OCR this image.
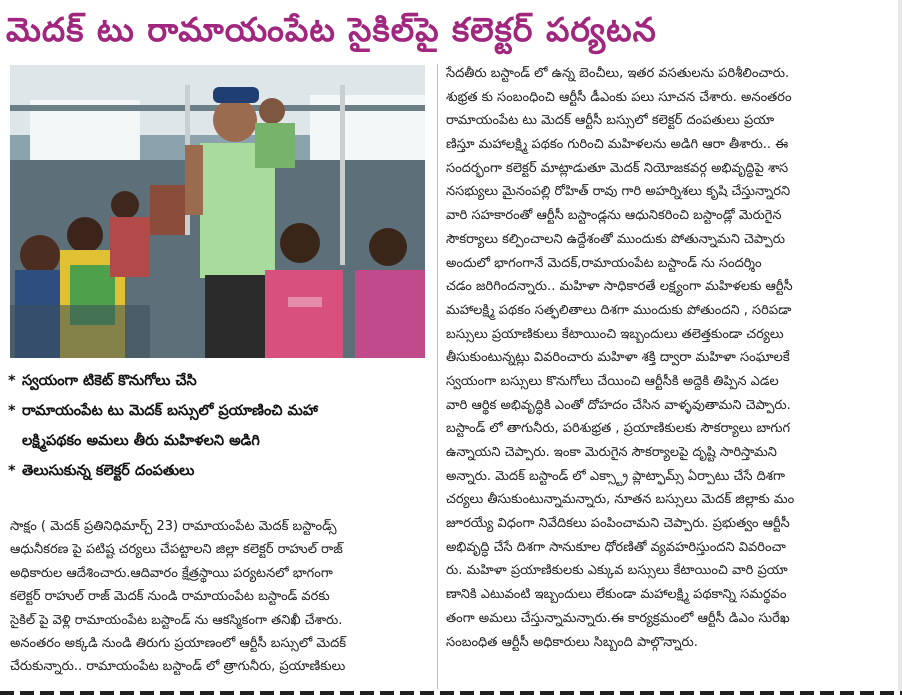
మెదక్ టు రామాయంపేట సైకిల్‌పై కలెక్టర్ పర్యటన
* స్వయంగా టికెట్ కొనుగోలు చేసి
* రామాయంపేట టు మెదక్ బస్సులో ప్రయాణించి మహా
లక్ష్మిపథకం అమలు తీరు మహిళలని అడిగి
* తెలుసుకున్న కలెక్టర్ దంపతులు
సాక్షం ( మెదక్ ప్రతినిధిమార్చ్ 23) రామాయంపేట మెదక్ బస్టాండ్స్
ఆధునీకరణ పై పటిష్ట చర్యలు చేపట్టాలని జిల్లా కలెక్టర్ రాహుల్ రాజ్
అధికారుల ఆదేశించారు.ఆదివారం క్షేత్రస్థాయి పర్యటనలో భాగంగా
కలెక్టర్ రాహుల్ రాజ్ మెదక్ నుండి రామాయంపేట బస్టాండ్ వరకు
సైకిల్ పై వెళ్లి రామాయంపేట బస్టాండ్ ను ఆకస్మికంగా తనిఖీ చేశారు.
అనంతరం అక్కడి నుండి తిరుగు ప్రయాణంలో ఆర్టీసీ బస్సులో మెదక్
చేరుకున్నారు.. రామాయంపేట బస్టాండ్ లో త్రాగునీరు, ప్రయాణికులు
సేదతీరు బస్టాండ్ లో ఉన్న బెంచీలు, ఇతర వసతులను పరిశీలించారు.
శుభ్రత కు సంబంధించి ఆర్టీసీ డీఎంకు పలు సూచన చేశారు. అనంతరం
రామాయంపేట టు మెదక్ ఆర్టీసీ బస్సులో కలెక్టర్ దంపతులు ప్రయా
ణిస్తూ మహాలక్ష్మి పథకం గురించి మహిళలను అడిగి ఆరా తీశారు.. ఈ
సందర్భంగా కలెక్టర్ మాట్లాడుతూ మెదక్ నియోజకవర్గ అభివృద్ధిపై శాస
నసభ్యులు మైనంపల్లి రోహిత్ రావు గారి అహర్నిశలు కృషి చేస్తున్నారని
వారి సహకారంతో ఆర్టీసీ బస్టాండ్లను ఆధునికరించి బస్టాండ్లో మెరుగైన
సౌకర్యాలు కల్పించాలని ఉద్దేశంతో ముందుకు పోతున్నామని చెప్పారు
అందులో భాగంగానే మెదక్,రామాయంపేట బస్టాండ్ ను సందర్శిం
చడం జరిగిందన్నారు.. మహిళా సాధికారతే లక్ష్యంగా మహిళలకు ఆర్టీసీ
మహాలక్ష్మి పథకం సత్ఫలితాలు దిశగా ముందుకు పోతుందని , సరిపడా
బస్సులు ప్రయాణికులు కేటాయించి ఇబ్బందులు తలెత్తకుండా చర్యలు
తీసుకుంటున్నట్లు వివరించారు మహిళా శక్తి ద్వారా మహిళా సంఘాలకే
స్వయంగా బస్సులు కొనుగోలు చేయించి ఆర్టీసీకి అద్దెకి తిప్పిన ఎడల
వారి ఆర్థిక అభివృద్ధికి ఎంతో దోహదం చేసిన వాళ్ళవుతామని చెప్పారు.
బస్టాండ్ లో తాగునీరు, పరిశుభ్రత , ప్రయాణికులకు సౌకర్యాలు బాగుగ
ఉన్నాయని చెప్పారు. ఇంకా మెరుగైన సౌకర్యాలపై దృష్టి సారిస్తామని
అన్నారు. మెదక్ బస్టాండ్ లో ఎక్స్ట్రా ప్లాట్ఫామ్స్ ఏర్పాటు చేసే దిశగా
చర్యలు తీసుకుంటున్నామన్నారు, నూతన బస్సులు మెదక్ జిల్లాకు మం
జూరయ్యే విధంగా నివేదికలు పంపించామని చెప్పారు. ప్రభుత్వం ఆర్టీసీ
అభివృద్ధి చేసే దిశగా సానుకూల ధోరణితో వ్యవహరిస్తుందని వివరించా
రు. మహిళా ప్రయాణికులకు ఎక్కువ బస్సులు కేటాయించి వారి ప్రయా
ణానికి ఎటువంటి ఇబ్బందులు లేకుండా మహాలక్ష్మి పథకాన్ని సమర్థవం
తంగా అమలు చేస్తున్నామన్నారు.ఈ కార్యక్రమంలో ఆర్టీసీ డిఎం సురేఖ
సంబంధిత ఆర్టీసీ అధికారులు సిబ్బంది పాల్గొన్నారు.
